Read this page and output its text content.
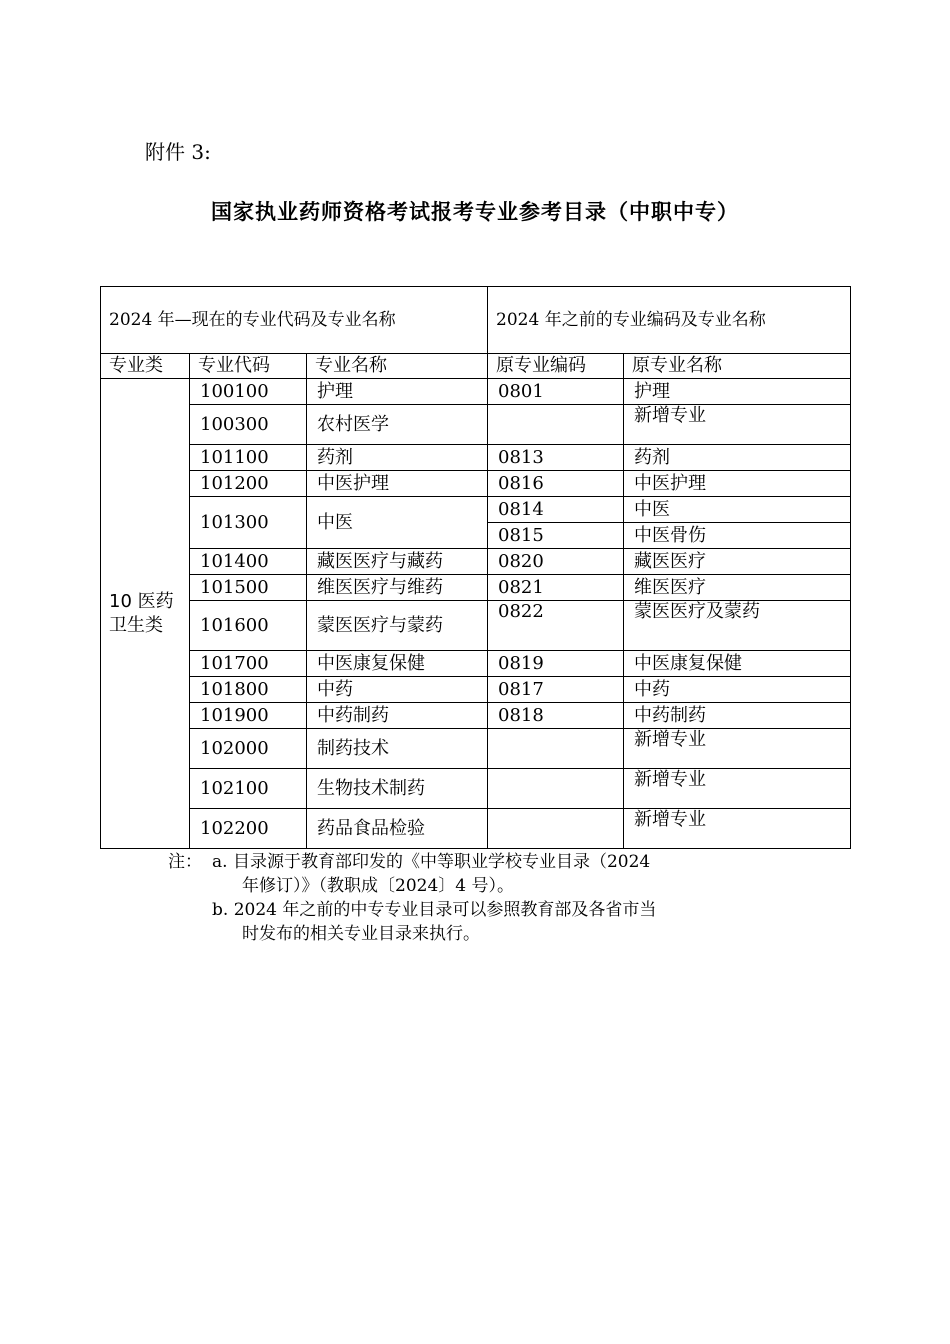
附件 3:
国家执业药师资格考试报考专业参考目录（中职中专）
2024 年—现在的专业代码及专业名称			2024 年之前的专业编码及专业名称	
专业类	专业代码	专业名称	原专业编码	原专业名称
10 医药卫生类	100100	护理	0801	护理
	100300	农村医学		新增专业
	101100	药剂	0813	药剂
	101200	中医护理	0816	中医护理
	101300	中医	0814	中医
			0815	中医骨伤
	101400	藏医医疗与藏药	0820	藏医医疗
	101500	维医医疗与维药	0821	维医医疗
	101600	蒙医医疗与蒙药	0822	蒙医医疗及蒙药
	101700	中医康复保健	0819	中医康复保健
	101800	中药	0817	中药
	101900	中药制药	0818	中药制药
	102000	制药技术		新增专业
	102100	生物技术制药		新增专业
	102200	药品食品检验		新增专业
注： a. 目录源于教育部印发的《中等职业学校专业目录（2024
年修订）》（教职成〔2024〕4 号）。
b. 2024 年之前的中专专业目录可以参照教育部及各省市当
时发布的相关专业目录来执行。
